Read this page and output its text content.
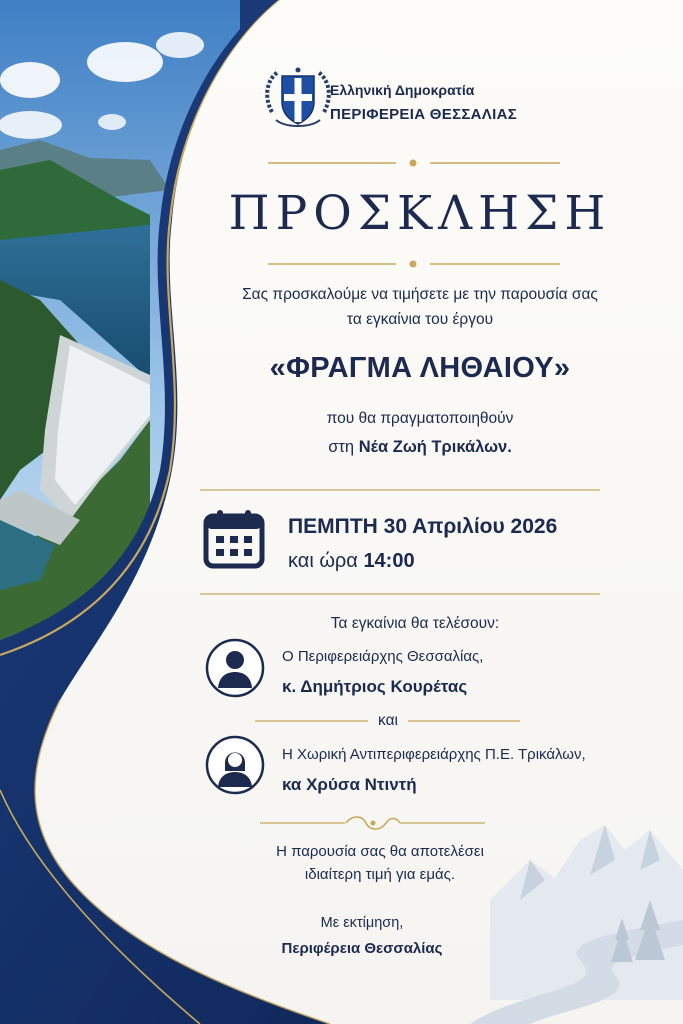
Ελληνική Δημοκρατία
ΠΕΡΙΦΕΡΕΙΑ ΘΕΣΣΑΛΙΑΣ
ΠΡΟΣΚΛΗΣΗ
Σας προσκαλούμε να τιμήσετε με την παρουσία σας
τα εγκαίνια του έργου
«ΦΡΑΓΜΑ ΛΗΘΑΙΟΥ»
που θα πραγματοποιηθούν
στη Νέα Ζωή Τρικάλων.
ΠΕΜΠΤΗ 30 Απριλίου 2026
και ώρα 14:00
Τα εγκαίνια θα τελέσουν:
Ο Περιφερειάρχης Θεσσαλίας,
κ. Δημήτριος Κουρέτας
και
Η Χωρική Αντιπεριφερειάρχης Π.Ε. Τρικάλων,
κα Χρύσα Ντιντή
Η παρουσία σας θα αποτελέσει
ιδιαίτερη τιμή για εμάς.
Με εκτίμηση,
Περιφέρεια Θεσσαλίας
